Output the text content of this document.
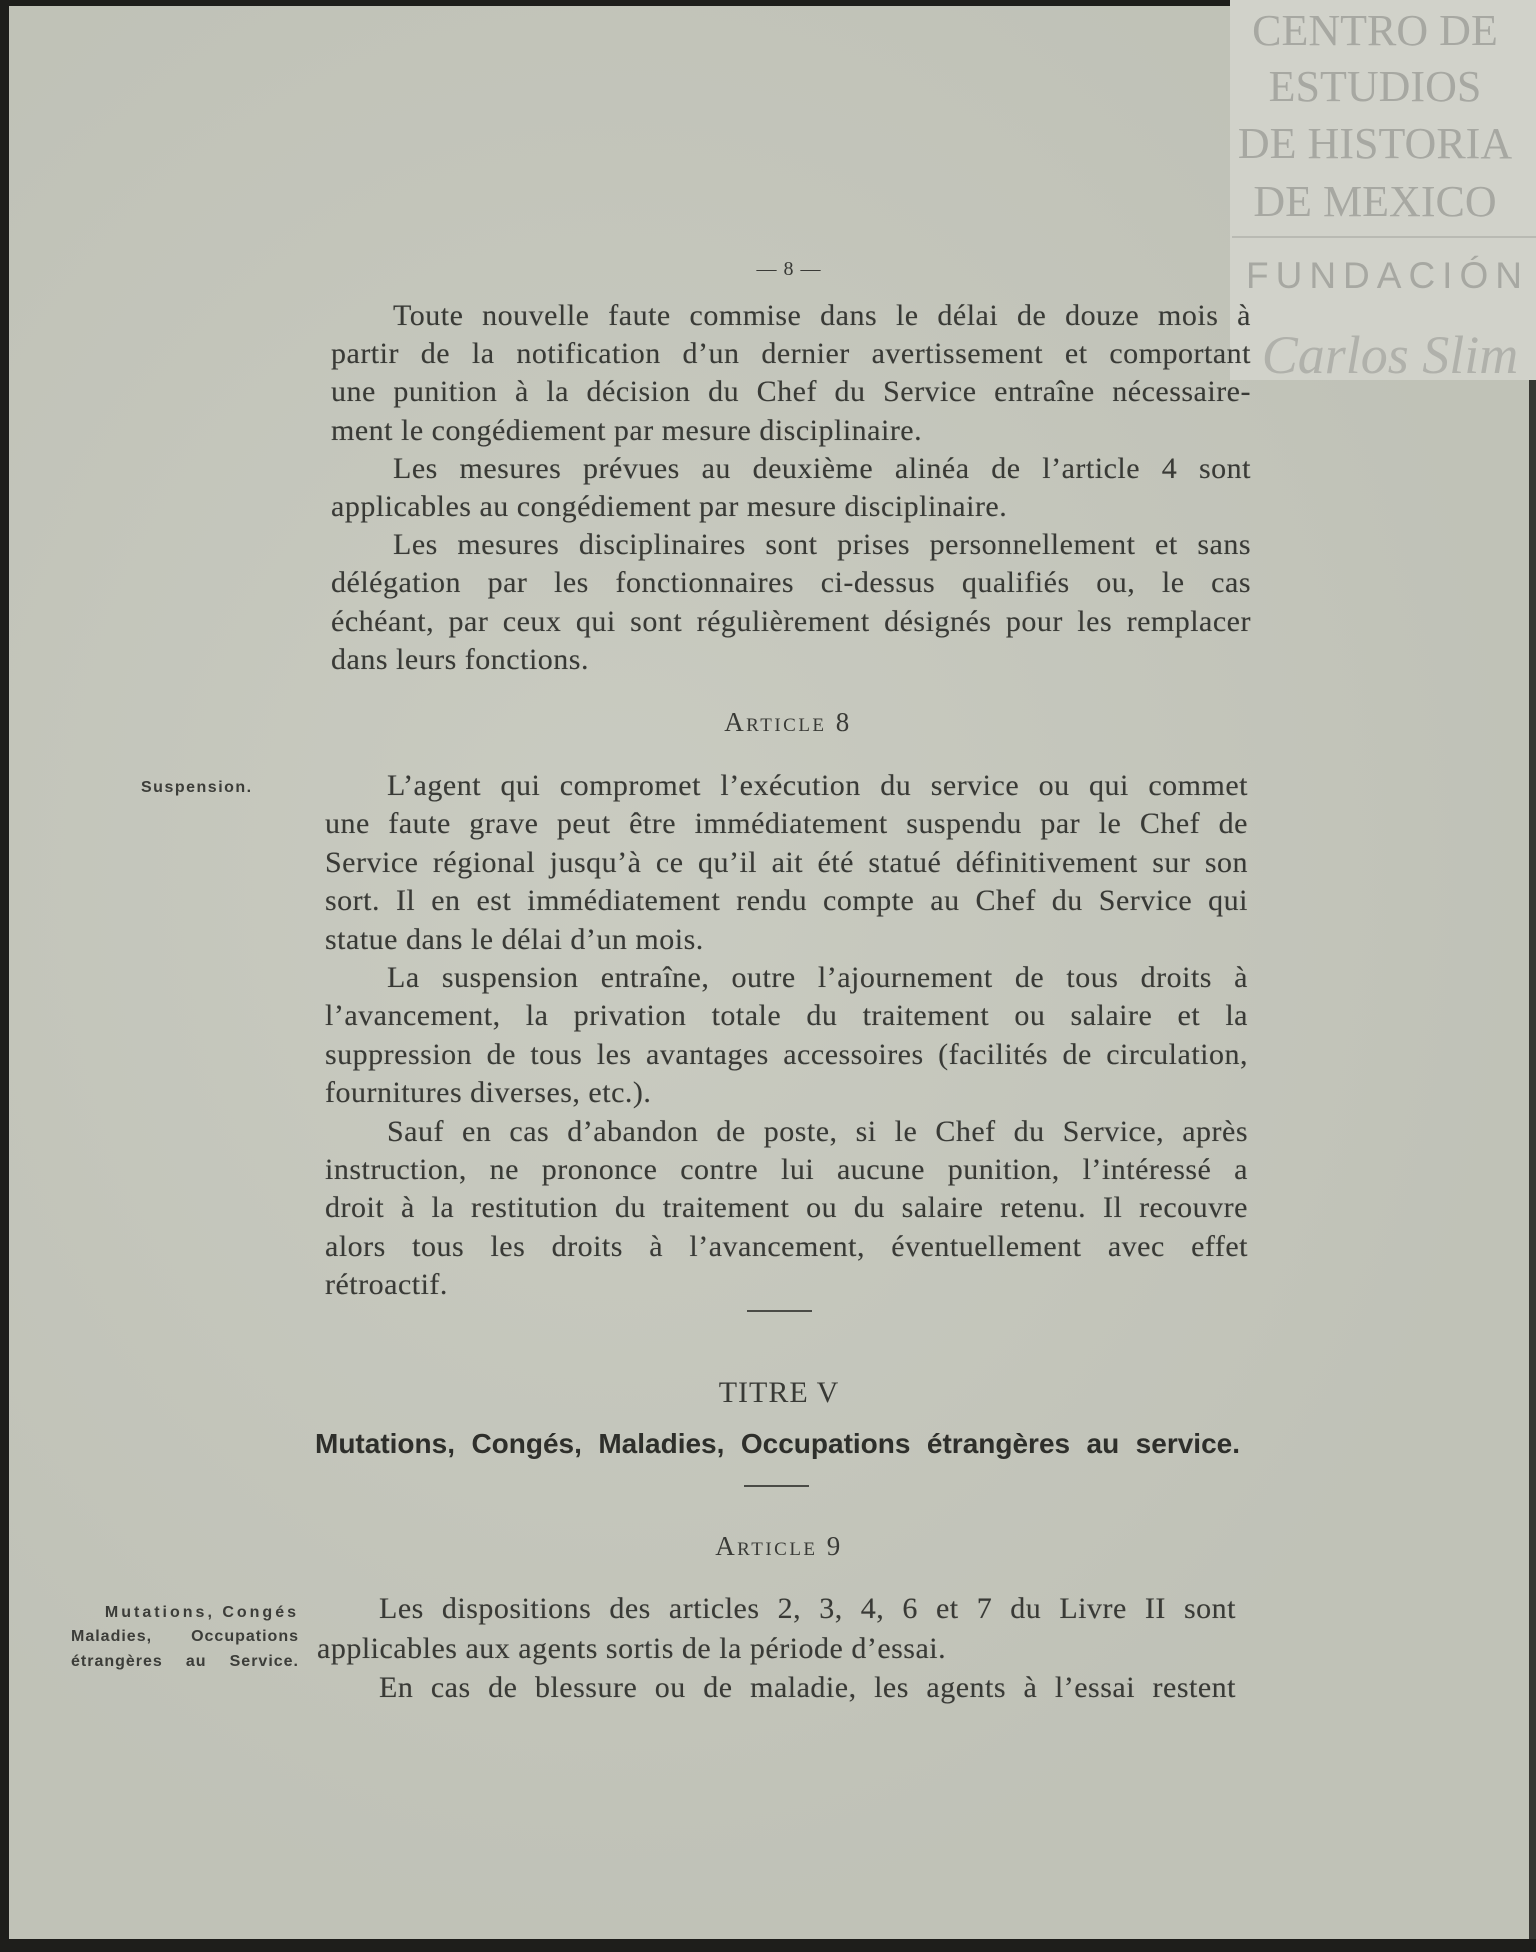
CENTRO DE
ESTUDIOS
DE HISTORIA
DE MEXICO
FUNDACIÓN
Carlos Slim
— 8 —
Toute nouvelle faute commise dans le délai de douze mois à
partir de la notification d’un dernier avertissement et comportant
une punition à la décision du Chef du Service entraîne nécessaire-
ment le congédiement par mesure disciplinaire.
Les mesures prévues au deuxième alinéa de l’article 4 sont
applicables au congédiement par mesure disciplinaire.
Les mesures disciplinaires sont prises personnellement et sans
délégation par les fonctionnaires ci-dessus qualifiés ou, le cas
échéant, par ceux qui sont régulièrement désignés pour les remplacer
dans leurs fonctions.
Article 8
Suspension.	L’agent qui compromet l’exécution du service ou qui commet
une faute grave peut être immédiatement suspendu par le Chef de
Service régional jusqu’à ce qu’il ait été statué définitivement sur son
sort. Il en est immédiatement rendu compte au Chef du Service qui
statue dans le délai d’un mois.
La suspension entraîne, outre l’ajournement de tous droits à
l’avancement, la privation totale du traitement ou salaire et la
suppression de tous les avantages accessoires (facilités de circulation,
fournitures diverses, etc.).
Sauf en cas d’abandon de poste, si le Chef du Service, après
instruction, ne prononce contre lui aucune punition, l’intéressé a
droit à la restitution du traitement ou du salaire retenu. Il recouvre
alors tous les droits à l’avancement, éventuellement avec effet
rétroactif.
TITRE V
Mutations, Congés, Maladies, Occupations étrangères au service.
Article 9
Mutations, Congés
Maladies, Occupations
étrangères au Service.
Les dispositions des articles 2, 3, 4, 6 et 7 du Livre II sont
applicables aux agents sortis de la période d’essai.
En cas de blessure ou de maladie, les agents à l’essai restent
